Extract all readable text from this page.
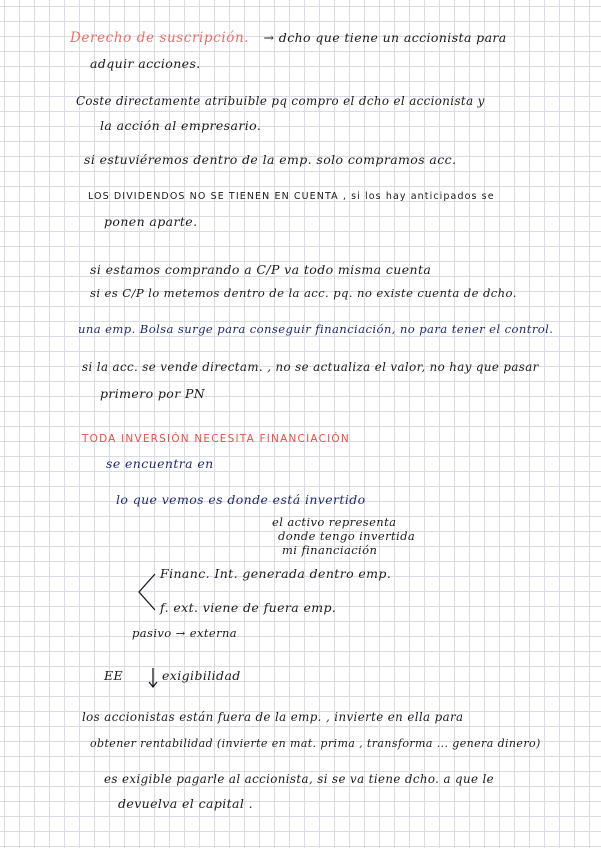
Derecho de suscripción. → dcho que tiene un accionista para
adquir acciones.
Coste directamente atribuible pq compro el dcho el accionista y
la acción al empresario.
si estuviéremos dentro de la emp. solo compramos acc.
LOS DIVIDENDOS NO SE TIENEN EN CUENTA , si los hay anticipados se
ponen aparte.
si estamos comprando a C/P va todo misma cuenta
si es C/P lo metemos dentro de la acc. pq. no existe cuenta de dcho.
una emp. Bolsa surge para conseguir financiación, no para tener el control.
si la acc. se vende directam. , no se actualiza el valor, no hay que pasar
primero por PN
TODA INVERSIÓN NECESITA FINANCIACIÓN
se encuentra en
lo que vemos es donde está invertido
el activo representa
donde tengo invertida
mi financiación
Financ. Int. generada dentro emp.
f. ext. viene de fuera emp.
pasivo → externa
EE	exigibilidad
los accionistas están fuera de la emp. , invierte en ella para
obtener rentabilidad (invierte en mat. prima , transforma ... genera dinero)
es exigible pagarle al accionista, si se va tiene dcho. a que le
devuelva el capital .
